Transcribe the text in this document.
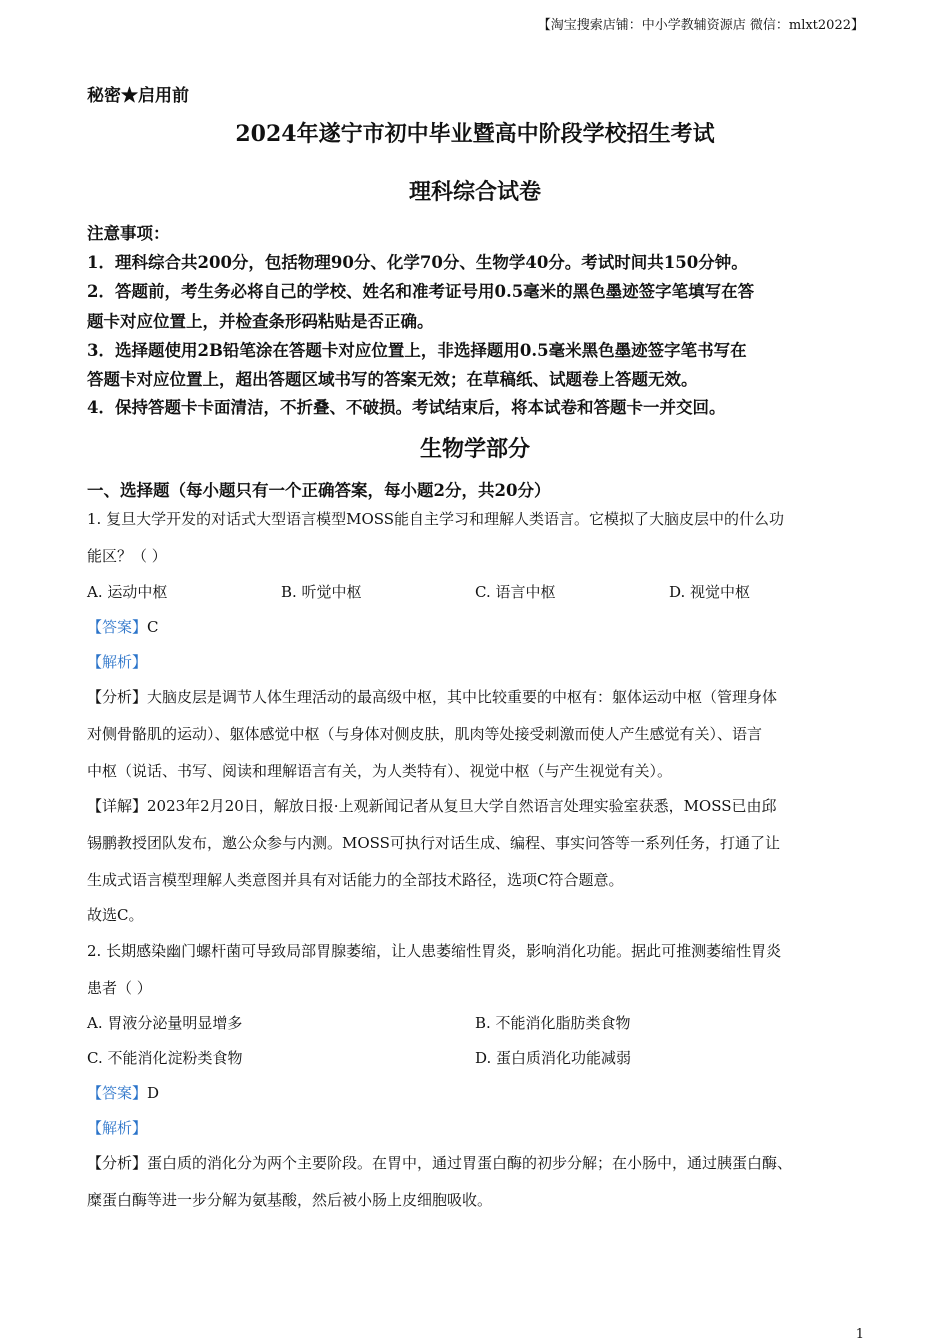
【淘宝搜索店铺：中小学教辅资源店 微信：mlxt2022】
秘密★启用前
2024年遂宁市初中毕业暨高中阶段学校招生考试
理科综合试卷
注意事项：
1．理科综合共200分，包括物理90分、化学70分、生物学40分。考试时间共150分钟。
2．答题前，考生务必将自己的学校、姓名和准考证号用0.5毫米的黑色墨迹签字笔填写在答
题卡对应位置上，并检查条形码粘贴是否正确。
3．选择题使用2B铅笔涂在答题卡对应位置上，非选择题用0.5毫米黑色墨迹签字笔书写在
答题卡对应位置上，超出答题区域书写的答案无效；在草稿纸、试题卷上答题无效。
4．保持答题卡卡面清洁，不折叠、不破损。考试结束后，将本试卷和答题卡一并交回。
生物学部分
一、选择题（每小题只有一个正确答案，每小题2分，共20分）
1. 复旦大学开发的对话式大型语言模型MOSS能自主学习和理解人类语言。它模拟了大脑皮层中的什么功
能区？（ ）
A. 运动中枢	B. 听觉中枢	C. 语言中枢	D. 视觉中枢
【答案】C
【解析】
【分析】大脑皮层是调节人体生理活动的最高级中枢，其中比较重要的中枢有：躯体运动中枢（管理身体
对侧骨骼肌的运动）、躯体感觉中枢（与身体对侧皮肤，肌肉等处接受刺激而使人产生感觉有关）、语言
中枢（说话、书写、阅读和理解语言有关，为人类特有）、视觉中枢（与产生视觉有关）。
【详解】2023年2月20日，解放日报·上观新闻记者从复旦大学自然语言处理实验室获悉，MOSS已由邱
锡鹏教授团队发布，邀公众参与内测。MOSS可执行对话生成、编程、事实问答等一系列任务，打通了让
生成式语言模型理解人类意图并具有对话能力的全部技术路径，选项C符合题意。
故选C。
2. 长期感染幽门螺杆菌可导致局部胃腺萎缩，让人患萎缩性胃炎，影响消化功能。据此可推测萎缩性胃炎
患者（ ）
A. 胃液分泌量明显增多	B. 不能消化脂肪类食物
C. 不能消化淀粉类食物	D. 蛋白质消化功能减弱
【答案】D
【解析】
【分析】蛋白质的消化分为两个主要阶段。在胃中，通过胃蛋白酶的初步分解；在小肠中，通过胰蛋白酶、
糜蛋白酶等进一步分解为氨基酸，然后被小肠上皮细胞吸收。
1
